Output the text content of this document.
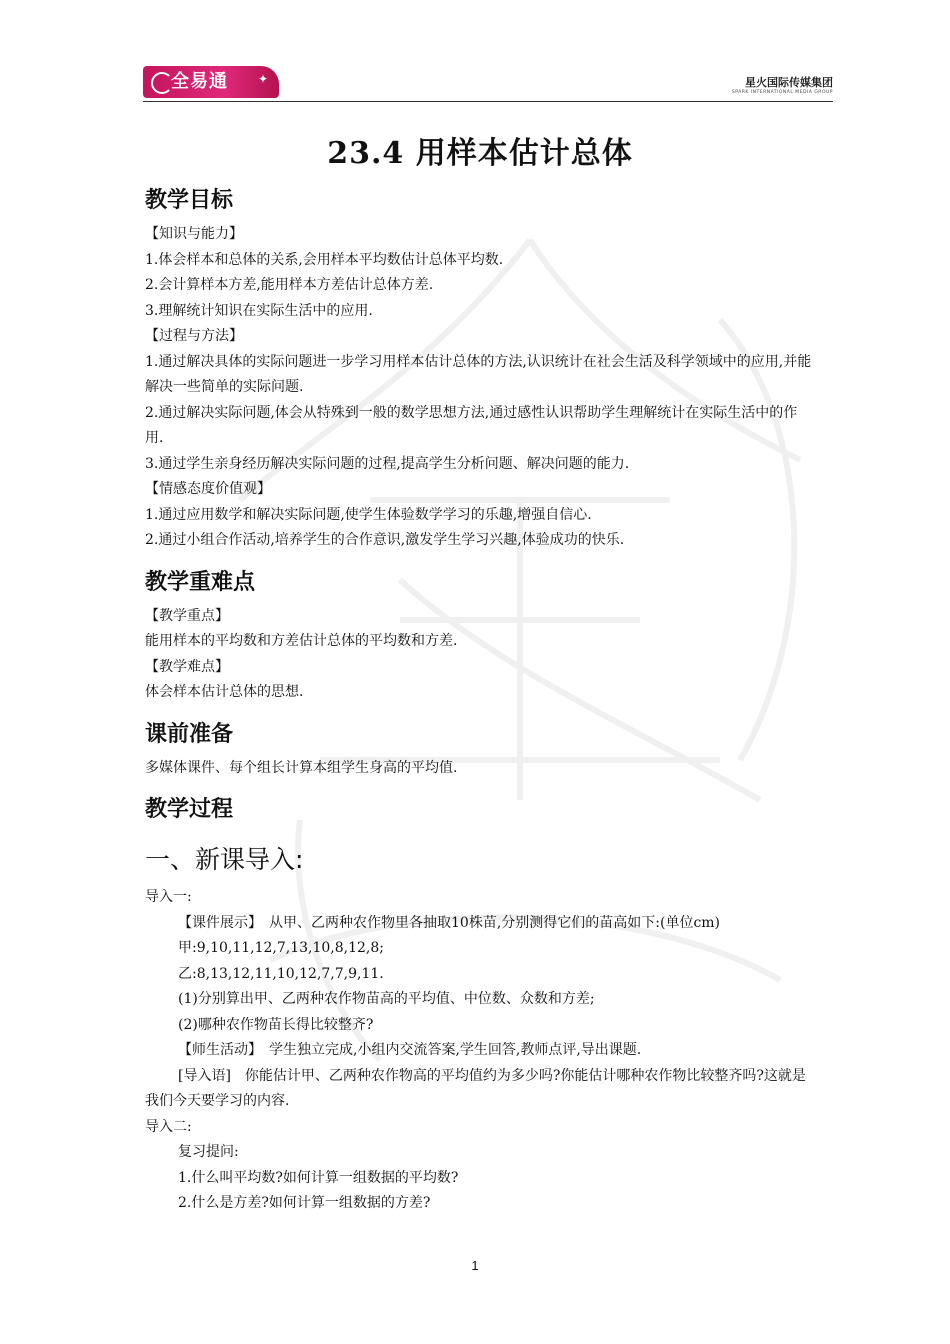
全易通 ✦	星火国际传媒集团
SPARK INTERNATIONAL MEDIA GROUP
23.4 用样本估计总体
教学目标

【知识与能力】

1.体会样本和总体的关系,会用样本平均数估计总体平均数.

2.会计算样本方差,能用样本方差估计总体方差.

3.理解统计知识在实际生活中的应用.

【过程与方法】

1.通过解决具体的实际问题进一步学习用样本估计总体的方法,认识统计在社会生活及科学领域中的应用,并能解决一些简单的实际问题.

2.通过解决实际问题,体会从特殊到一般的数学思想方法,通过感性认识帮助学生理解统计在实际生活中的作用.

3.通过学生亲身经历解决实际问题的过程,提高学生分析问题、解决问题的能力.

【情感态度价值观】

1.通过应用数学和解决实际问题,使学生体验数学学习的乐趣,增强自信心.

2.通过小组合作活动,培养学生的合作意识,激发学生学习兴趣,体验成功的快乐.

教学重难点

【教学重点】

能用样本的平均数和方差估计总体的平均数和方差.

【教学难点】

体会样本估计总体的思想.

课前准备

多媒体课件、每个组长计算本组学生身高的平均值.

教学过程
一、新课导入:

导入一:

【课件展示】　从甲、乙两种农作物里各抽取10株苗,分别测得它们的苗高如下:(单位cm)

甲:9,10,11,12,7,13,10,8,12,8;

乙:8,13,12,11,10,12,7,7,9,11.

(1)分别算出甲、乙两种农作物苗高的平均值、中位数、众数和方差;

(2)哪种农作物苗长得比较整齐?

【师生活动】　学生独立完成,小组内交流答案,学生回答,教师点评,导出课题.

[导入语]　你能估计甲、乙两种农作物高的平均值约为多少吗?你能估计哪种农作物比较整齐吗?这就是我们今天要学习的内容.

导入二:

复习提问:

1.什么叫平均数?如何计算一组数据的平均数?

2.什么是方差?如何计算一组数据的方差?

1
